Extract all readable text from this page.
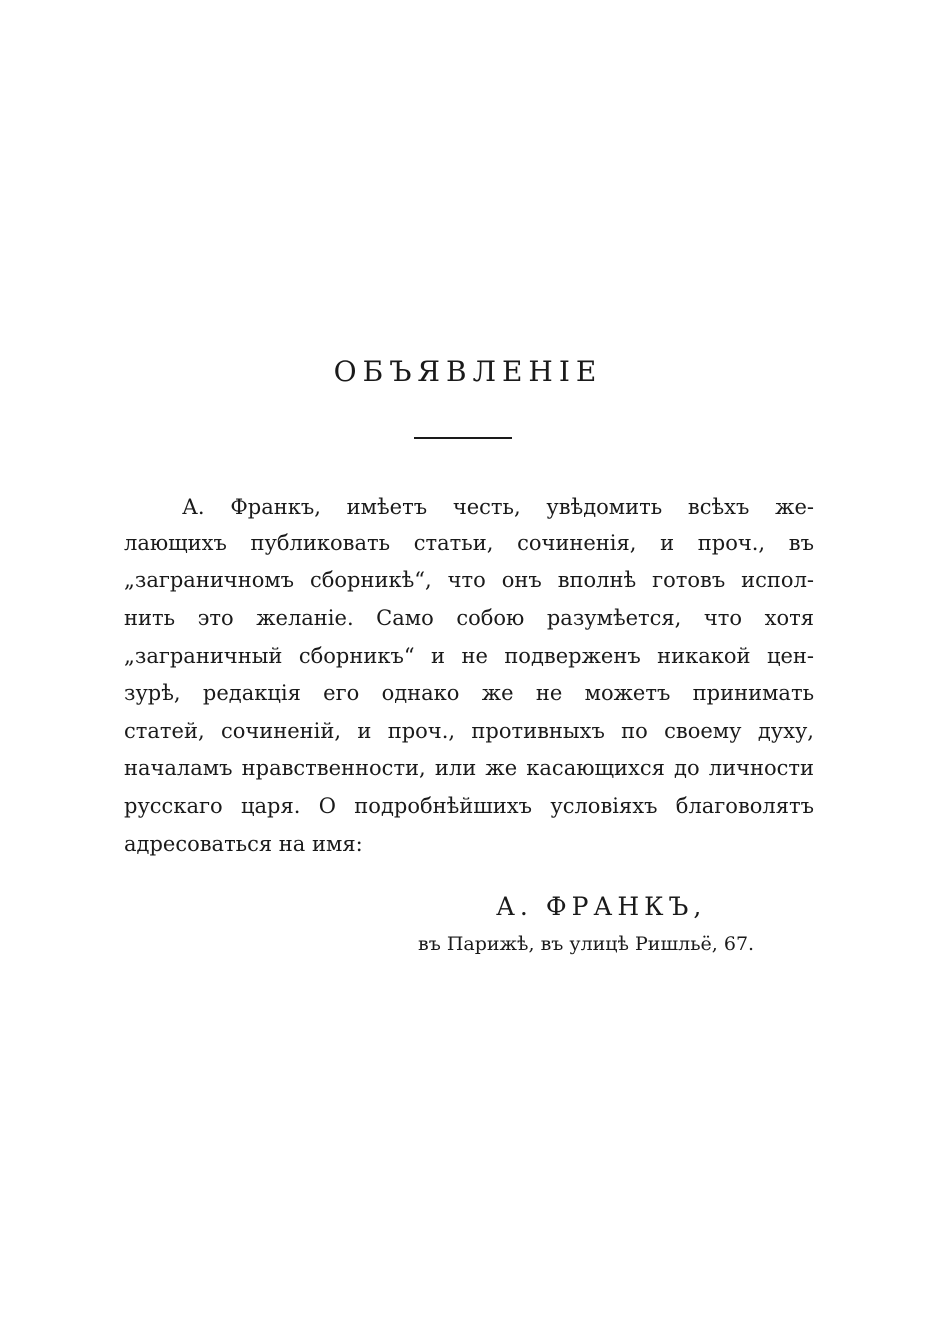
ОБЪЯВЛЕНІЕ
А. Франкъ, имѣетъ честь, увѣдомить всѣхъ же-
лающихъ публиковать статьи, сочиненія, и проч., въ
„заграничномъ сборникѣ“, что онъ вполнѣ готовъ испол-
нить это желаніе. Само собою разумѣется, что хотя
„заграничный сборникъ“ и не подверженъ никакой цен-
зурѣ, редакція его однако же не можетъ принимать
статей, сочиненій, и проч., противныхъ по своему духу,
началамъ нравственности, или же касающихся до личности
русскаго царя. О подробнѣйшихъ условіяхъ благоволятъ
адресоваться на имя:
А. ФРАНКЪ,
въ Парижѣ, въ улицѣ Ришльё, 67.
